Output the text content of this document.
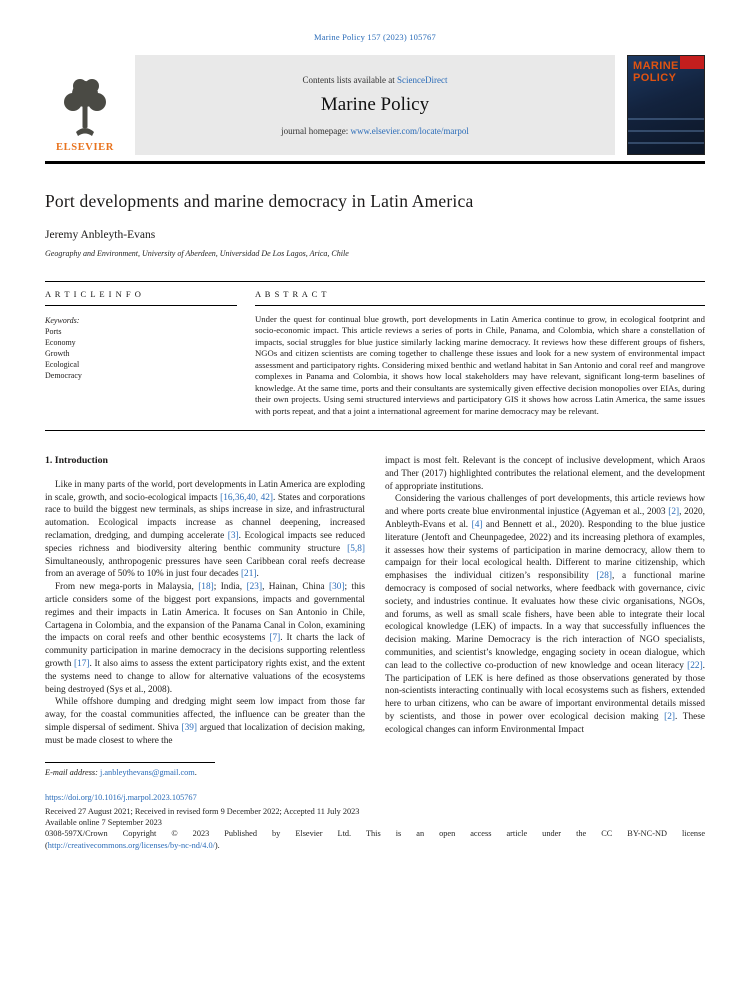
Marine Policy 157 (2023) 105767
ELSEVIER
Contents lists available at ScienceDirect
Marine Policy
journal homepage: www.elsevier.com/locate/marpol
MARINE
POLICY
Port developments and marine democracy in Latin America
Jeremy Anbleyth-Evans
Geography and Environment, University of Aberdeen, Universidad De Los Lagos, Arica, Chile
A R T I C L E I N F O
Keywords:
Ports
Economy
Growth
Ecological
Democracy
A B S T R A C T

Under the quest for continual blue growth, port developments in Latin America continue to grow, in ecological footprint and socio-economic impact. This article reviews a series of ports in Chile, Panama, and Colombia, which share a constellation of impacts, social struggles for blue justice similarly lacking marine democracy. It reviews how these different groups of fishers, NGOs and citizen scientists are coming together to challenge these issues and look for a new system of environmental impact assessment and participatory rights. Considering mixed benthic and wetland habitat in San Antonio and coral reef and mangrove complexes in Panama and Colombia, it shows how local stakeholders may have relevant, significant long-term baselines of knowledge. At the same time, ports and their consultants are systemically given effective decision monopolies over EIAs, during their own projects. Using semi structured interviews and participatory GIS it shows how across Latin America, the same issues with ports repeat, and that a joint a international agreement for marine democracy may be relevant.

1. Introduction

Like in many parts of the world, port developments in Latin America are exploding in scale, growth, and socio-ecological impacts [16,36,40, 42]. States and corporations race to build the biggest new terminals, as ships increase in size, and infrastructural automation. Ecological impacts increase as channel deepening, increased reclamation, dredging, and dumping accelerate [3]. Ecological impacts see reduced species richness and biodiversity altering benthic community structure [5,8] Simultaneously, anthropogenic pressures have seen Caribbean coral reefs decrease from an average of 50% to 10% in just four decades [21].

From new mega-ports in Malaysia, [18]; India, [23], Hainan, China [30]; this article considers some of the biggest port expansions, impacts and governmental regimes and their impacts in Latin America. It focuses on San Antonio in Chile, Cartagena in Colombia, and the expansion of the Panama Canal in Colon, examining the impacts on coral reefs and other benthic ecosystems [7]. It charts the lack of community participation in marine democracy in the decisions supporting relentless growth [17]. It also aims to assess the extent participatory rights exist, and the extent the systems need to change to allow for alternative valuations of the ecosystems being destroyed (Sys et al., 2008).

While offshore dumping and dredging might seem low impact from those far away, for the coastal communities affected, the influence can be greater than the simple dispersal of sediment. Shiva [39] argued that localization of decision making, must be made closest to where the

impact is most felt. Relevant is the concept of inclusive development, which Araos and Ther (2017) highlighted contributes the relational element, and the development of appropriate institutions.

Considering the various challenges of port developments, this article reviews how and where ports create blue environmental injustice (Agyeman et al., 2003 [2], 2020, Anbleyth-Evans et al. [4] and Bennett et al., 2020). Responding to the blue justice literature (Jentoft and Cheunpagedee, 2022) and its increasing plethora of examples, it assesses how their systems of participation in marine democracy, allow them to campaign for their local ecological health. Different to marine citizenship, which emphasises the individual citizen’s responsibility [28], a functional marine democracy is composed of social networks, where feedback with governance, civic society, and industries continue. It evaluates how these civic organisations, NGOs, and forums, as well as small scale fishers, have been able to integrate their local ecological knowledge (LEK) of impacts. In a way that successfully influences the decision making. Marine Democracy is the rich interaction of NGO specialists, communities, and scientist’s knowledge, engaging society in ocean dialogue, which can lead to the collective co-production of new knowledge and ocean literacy [22]. The participation of LEK is here defined as those observations generated by those non-scientists interacting continually with local ecosystems such as fishers, extended here to urban citizens, who can be aware of important environmental details missed by scientists, and those in power over ecological decision making [2]. These ecological changes can inform Environmental Impact

E-mail address: j.anbleythevans@gmail.com.
https://doi.org/10.1016/j.marpol.2023.105767
Received 27 August 2021; Received in revised form 9 December 2022; Accepted 11 July 2023
Available online 7 September 2023
0308-597X/Crown Copyright © 2023 Published by Elsevier Ltd. This is an open access article under the CC BY-NC-ND license
(http://creativecommons.org/licenses/by-nc-nd/4.0/).
